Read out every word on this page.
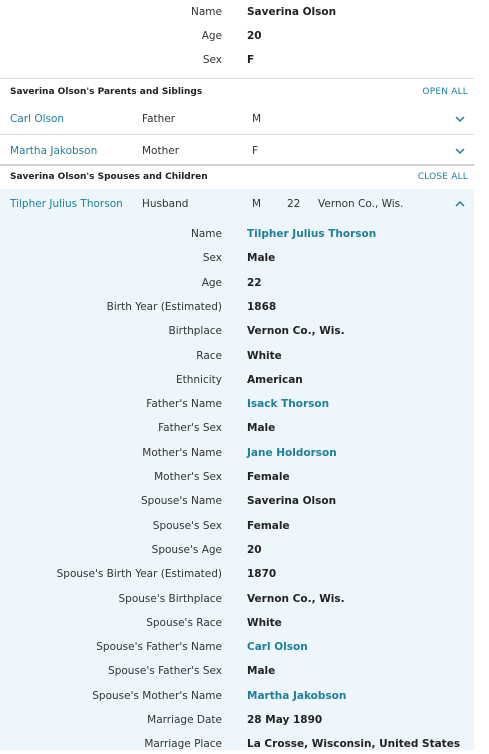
Name Saverina Olson
Age 20
Sex F
Saverina Olson's Parents and Siblings	OPEN ALL
Carl Olson	Father	M
Martha Jakobson	Mother	F
Saverina Olson's Spouses and Children	CLOSE ALL
Tilpher Julius Thorson Husband	M 22 Vernon Co., Wis.
Name Tilpher Julius Thorson
Sex Male
Age 22
Birth Year (Estimated) 1868
Birthplace Vernon Co., Wis.
Race White
Ethnicity American
Father's Name Isack Thorson
Father's Sex Male
Mother's Name Jane Holdorson
Mother's Sex Female
Spouse's Name Saverina Olson
Spouse's Sex Female
Spouse's Age 20
Spouse's Birth Year (Estimated) 1870
Spouse's Birthplace Vernon Co., Wis.
Spouse's Race White
Spouse's Father's Name Carl Olson
Spouse's Father's Sex Male
Spouse's Mother's Name Martha Jakobson
Marriage Date 28 May 1890
Marriage Place La Crosse, Wisconsin, United States
